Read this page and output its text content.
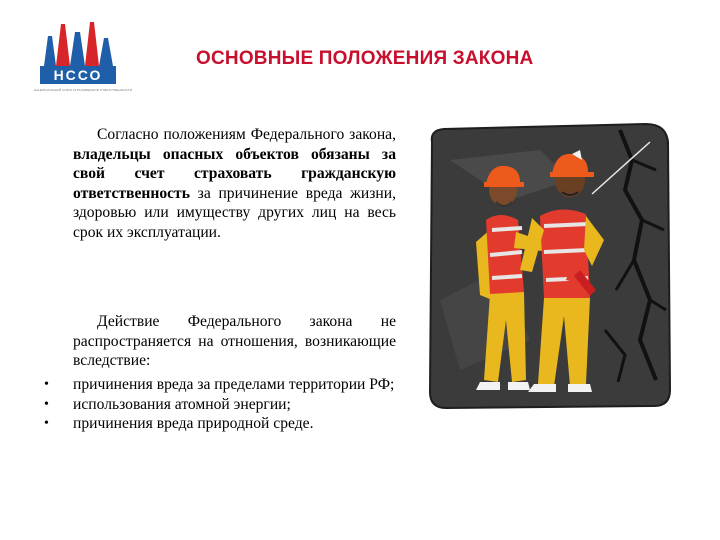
НССО
НАЦИОНАЛЬНЫЙ СОЮЗ СТРАХОВЩИКОВ ОТВЕТСТВЕННОСТИ
ОСНОВНЫЕ ПОЛОЖЕНИЯ ЗАКОНА
Согласно положениям Федерального закона, владельцы опасных объектов обязаны за свой счет страховать гражданскую ответственность за причинение вреда жизни, здоровью или имуществу других лиц на весь срок их эксплуатации.
Действие Федерального закона не распространяется на отношения, возникающие вследствие:
• причинения вреда за пределами территории РФ;
• использования атомной энергии;
• причинения вреда природной среде.
